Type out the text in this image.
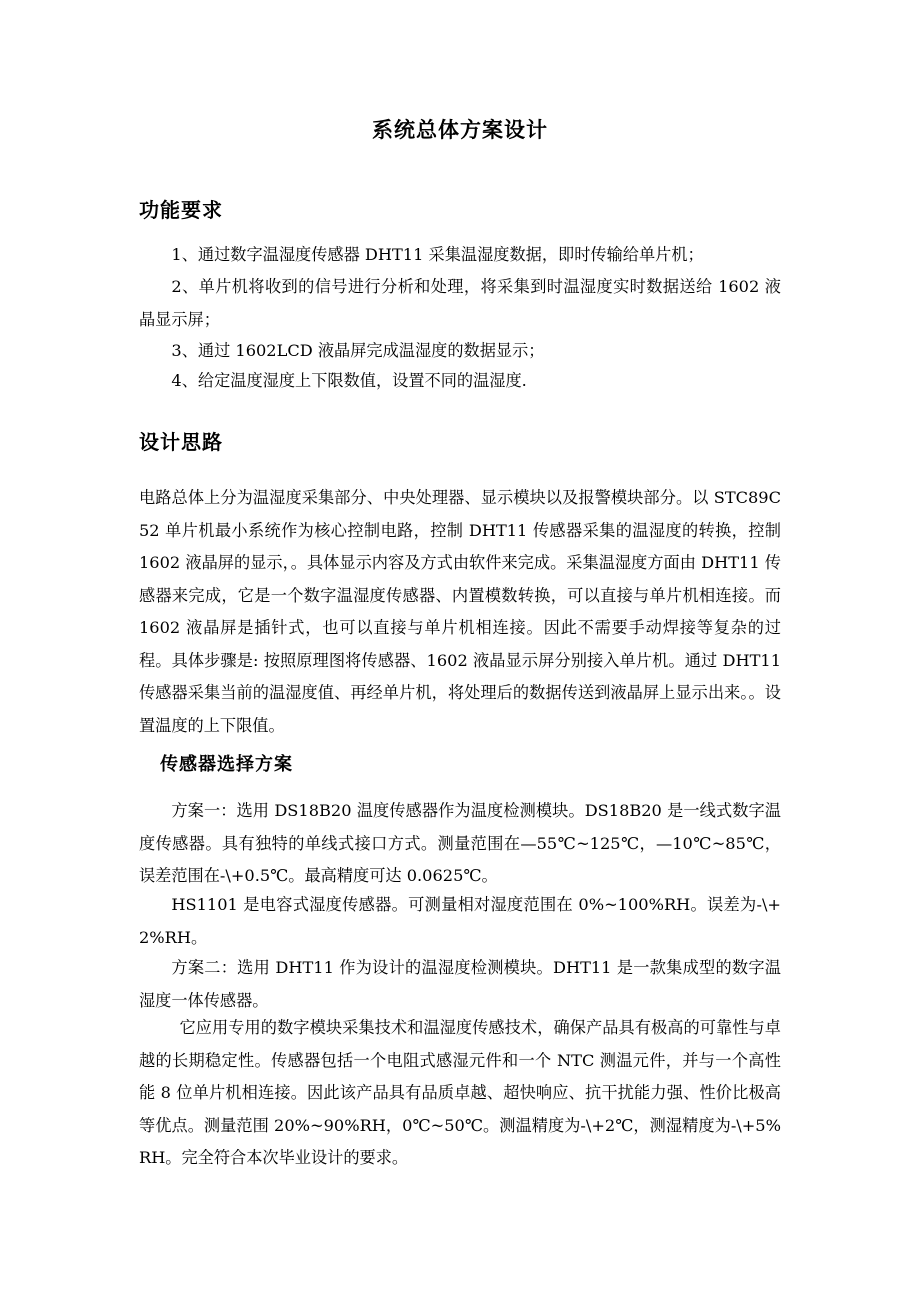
系统总体方案设计
功能要求

1、通过数字温湿度传感器 DHT11 采集温湿度数据，即时传输给单片机；

2、单片机将收到的信号进行分析和处理，将采集到时温湿度实时数据送给 1602 液晶显示屏；

3、通过 1602LCD 液晶屏完成温湿度的数据显示；

4、给定温度湿度上下限数值，设置不同的温湿度.

设计思路

电路总体上分为温湿度采集部分、中央处理器、显示模块以及报警模块部分。以 STC89C52 单片机最小系统作为核心控制电路，控制 DHT11 传感器采集的温湿度的转换，控制 1602 液晶屏的显示，。具体显示内容及方式由软件来完成。采集温湿度方面由 DHT11 传感器来完成，它是一个数字温湿度传感器、内置模数转换，可以直接与单片机相连接。而 1602 液晶屏是插针式，也可以直接与单片机相连接。因此不需要手动焊接等复杂的过程。具体步骤是: 按照原理图将传感器、1602 液晶显示屏分别接入单片机。通过 DHT11 传感器采集当前的温湿度值、再经单片机，将处理后的数据传送到液晶屏上显示出来。。设置温度的上下限值。

传感器选择方案

方案一：选用 DS18B20 温度传感器作为温度检测模块。DS18B20 是一线式数字温度传感器。具有独特的单线式接口方式。测量范围在—55℃~125℃，—10℃~85℃，误差范围在-\+0.5℃。最高精度可达 0.0625℃。

HS1101 是电容式湿度传感器。可测量相对湿度范围在 0%~100%RH。误差为-\+2%RH。

方案二：选用 DHT11 作为设计的温湿度检测模块。DHT11 是一款集成型的数字温湿度一体传感器。

它应用专用的数字模块采集技术和温湿度传感技术，确保产品具有极高的可靠性与卓越的长期稳定性。传感器包括一个电阻式感湿元件和一个 NTC 测温元件，并与一个高性能 8 位单片机相连接。因此该产品具有品质卓越、超快响应、抗干扰能力强、性价比极高等优点。测量范围 20%~90%RH，0℃~50℃。测温精度为-\+2℃，测湿精度为-\+5%RH。完全符合本次毕业设计的要求。
